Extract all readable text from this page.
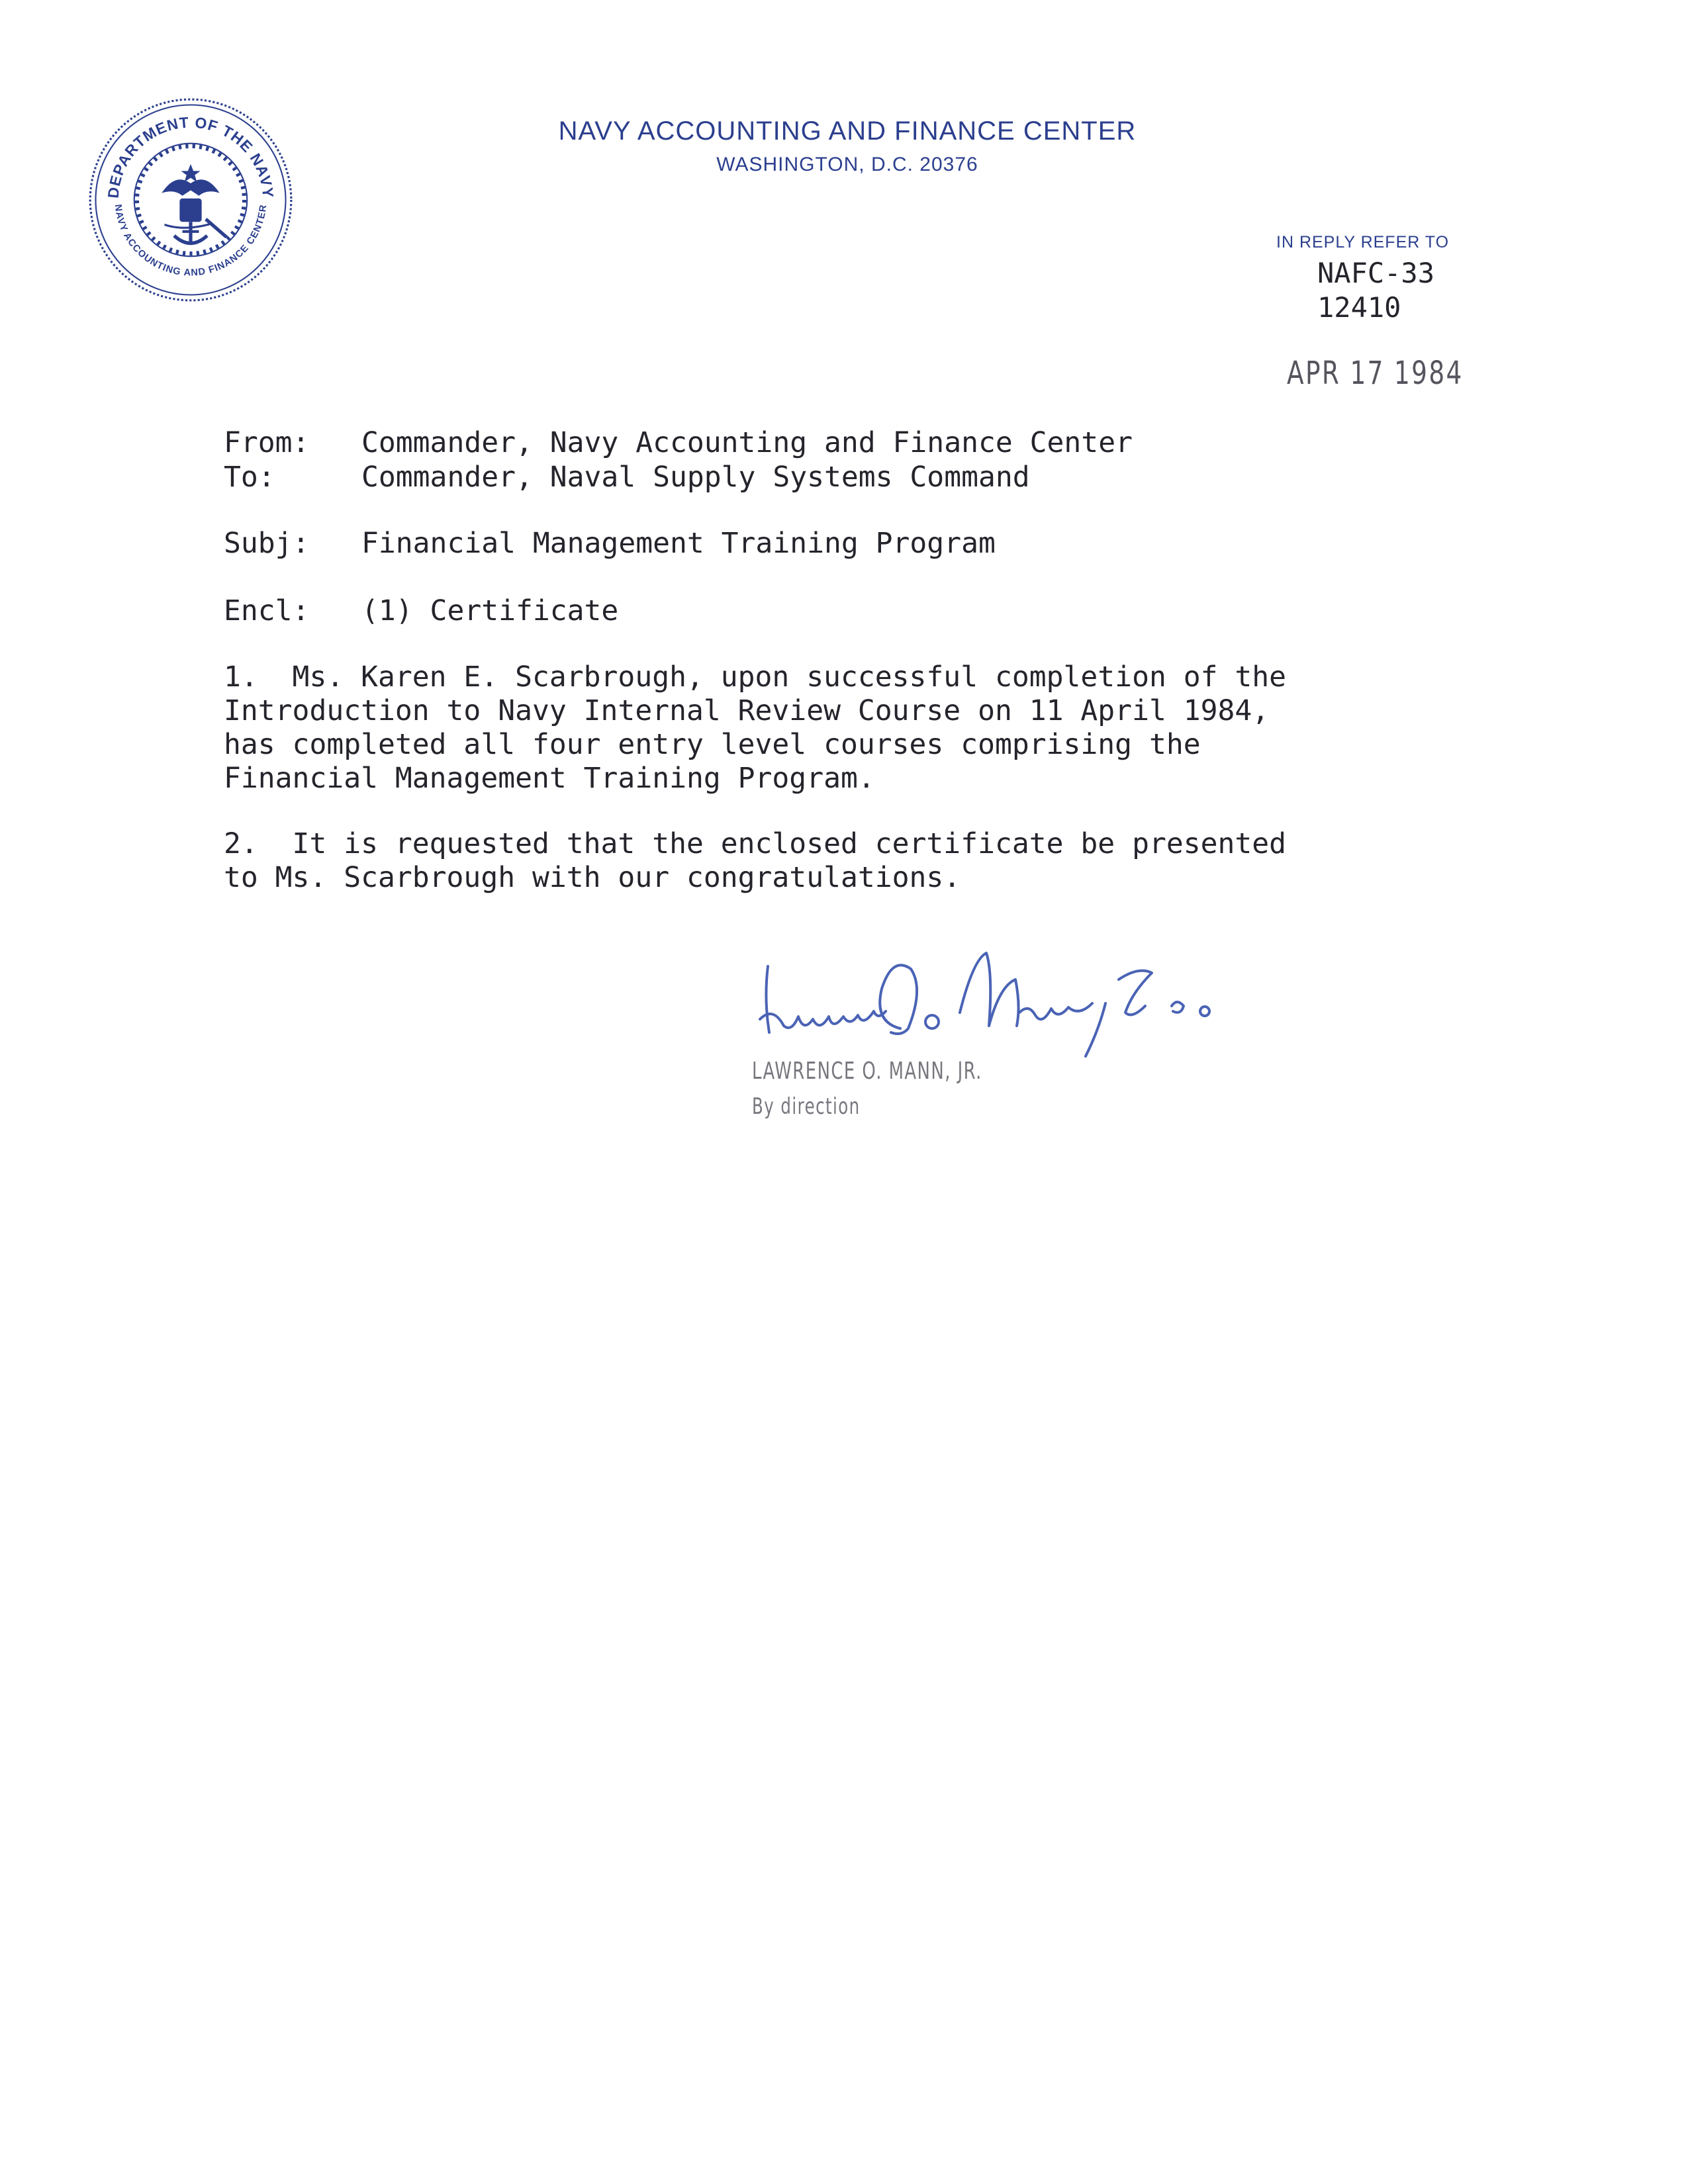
DEPARTMENT OF THE NAVY
NAVY ACCOUNTING AND FINANCE CENTER
NAVY ACCOUNTING AND FINANCE CENTER
WASHINGTON, D.C. 20376
IN REPLY REFER TO
NAFC-33
12410
APR 17 1984
From: Commander, Navy Accounting and Finance Center
To:	Commander, Naval Supply Systems Command
Subj: Financial Management Training Program
Encl: (1) Certificate
1.  Ms. Karen E. Scarbrough, upon successful completion of the
Introduction to Navy Internal Review Course on 11 April 1984,
has completed all four entry level courses comprising the
Financial Management Training Program.
2.  It is requested that the enclosed certificate be presented
to Ms. Scarbrough with our congratulations.
LAWRENCE O. MANN, JR.
By direction
